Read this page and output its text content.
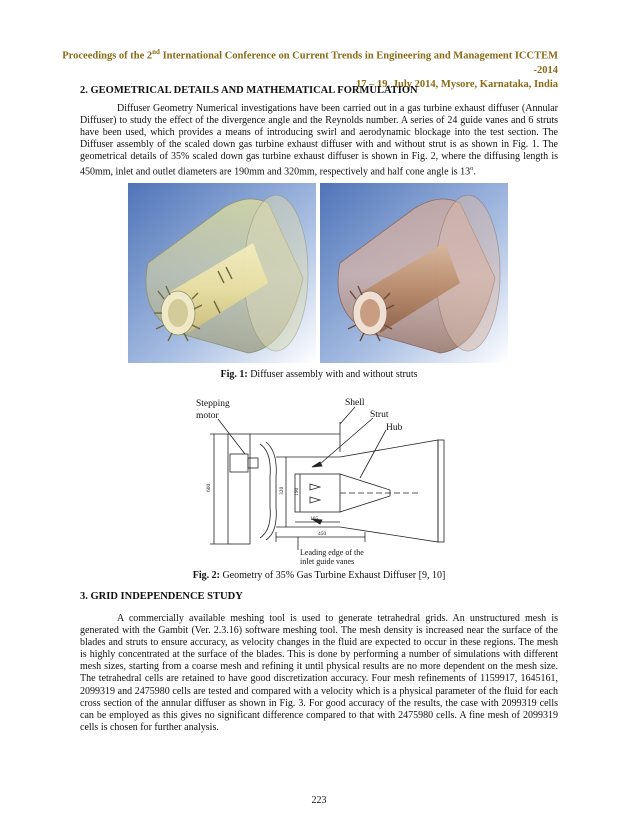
Proceedings of the 2nd International Conference on Current Trends in Engineering and Management ICCTEM -2014
17 – 19, July 2014, Mysore, Karnataka, India
2. GEOMETRICAL DETAILS AND MATHEMATICAL FORMULATION
Diffuser Geometry Numerical investigations have been carried out in a gas turbine exhaust diffuser (Annular Diffuser) to study the effect of the divergence angle and the Reynolds number. A series of 24 guide vanes and 6 struts have been used, which provides a means of introducing swirl and aerodynamic blockage into the test section. The Diffuser assembly of the scaled down gas turbine exhaust diffuser with and without strut is as shown in Fig. 1. The geometrical details of 35% scaled down gas turbine exhaust diffuser is shown in Fig. 2, where the diffusing length is 450mm, inlet and outlet diameters are 190mm and 320mm, respectively and half cone angle is 13$^o$.
Fig. 1: Diffuser assembly with and without struts
Stepping
motor
Shell
Strut
Hub
Leading edge of the
inlet guide vanes
600	320 190
105
450
Fig. 2: Geometry of 35% Gas Turbine Exhaust Diffuser [9, 10]
3. GRID INDEPENDENCE STUDY
A commercially available meshing tool is used to generate tetrahedral grids. An unstructured mesh is generated with the Gambit (Ver. 2.3.16) software meshing tool. The mesh density is increased near the surface of the blades and struts to ensure accuracy, as velocity changes in the fluid are expected to occur in these regions. The mesh is highly concentrated at the surface of the blades. This is done by performing a number of simulations with different mesh sizes, starting from a coarse mesh and refining it until physical results are no more dependent on the mesh size. The tetrahedral cells are retained to have good discretization accuracy. Four mesh refinements of 1159917, 1645161, 2099319 and 2475980 cells are tested and compared with a velocity which is a physical parameter of the fluid for each cross section of the annular diffuser as shown in Fig. 3. For good accuracy of the results, the case with 2099319 cells can be employed as this gives no significant difference compared to that with 2475980 cells. A fine mesh of 2099319 cells is chosen for further analysis.
223
